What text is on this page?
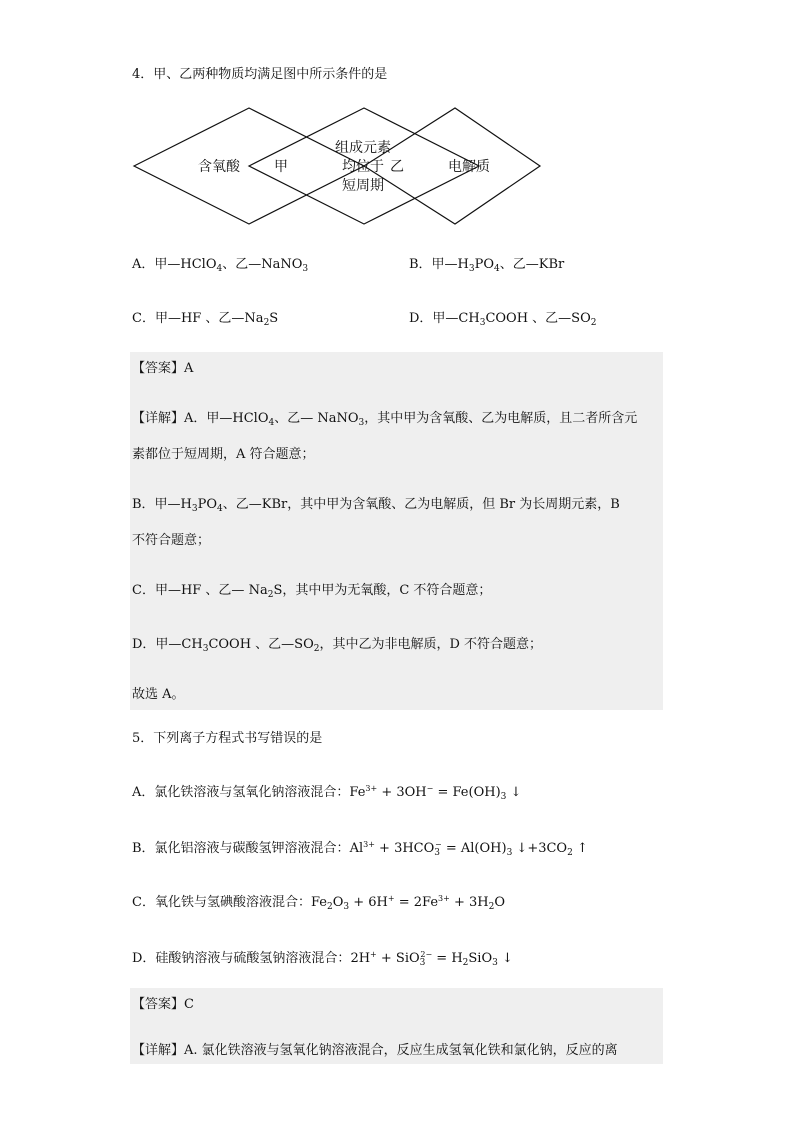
4．甲、乙两种物质均满足图中所示条件的是
含氧酸 甲
组成元素
均位于
短周期
乙	电解质
A．甲—HClO$_4$、乙—NaNO$_3$	B．甲$—H_3PO_4$、乙—KBr
C．甲—HF 、乙$—Na_2S$	D．甲$—CH_3COOH$ 、乙$—SO_2$
【答案】A
【详解】A．甲—HClO$_4$、乙— NaNO$_3$，其中甲为含氧酸、乙为电解质，且二者所含元
素都位于短周期，A 符合题意；
B．甲$—H_3PO_4$、乙—KBr，其中甲为含氧酸、乙为电解质，但 Br 为长周期元素，B
不符合题意；
C．甲—HF 、乙— $Na_2S$，其中甲为无氧酸，C 不符合题意；
D．甲$—CH_3COOH$ 、乙$—SO_2$，其中乙为非电解质，D 不符合题意；
故选 A。
5．下列离子方程式书写错误的是
A．氯化铁溶液与氢氧化钠溶液混合：$Fe^{3+} + 3OH^- = Fe(OH)_3$ ↓
B．氯化铝溶液与碳酸氢钾溶液混合：$Al^{3+} + 3HCO_3^- = Al(OH)_3$ $↓+3CO_2$ ↑
C．氧化铁与氢碘酸溶液混合：$Fe_2O_3 + 6H^+ = 2Fe^{3+} + 3H_2O$
D．硅酸钠溶液与硫酸氢钠溶液混合：$2H^+ + SiO_3^{2-} = H_2SiO_3$ ↓
【答案】C
【详解】A. 氯化铁溶液与氢氧化钠溶液混合，反应生成氢氧化铁和氯化钠，反应的离
